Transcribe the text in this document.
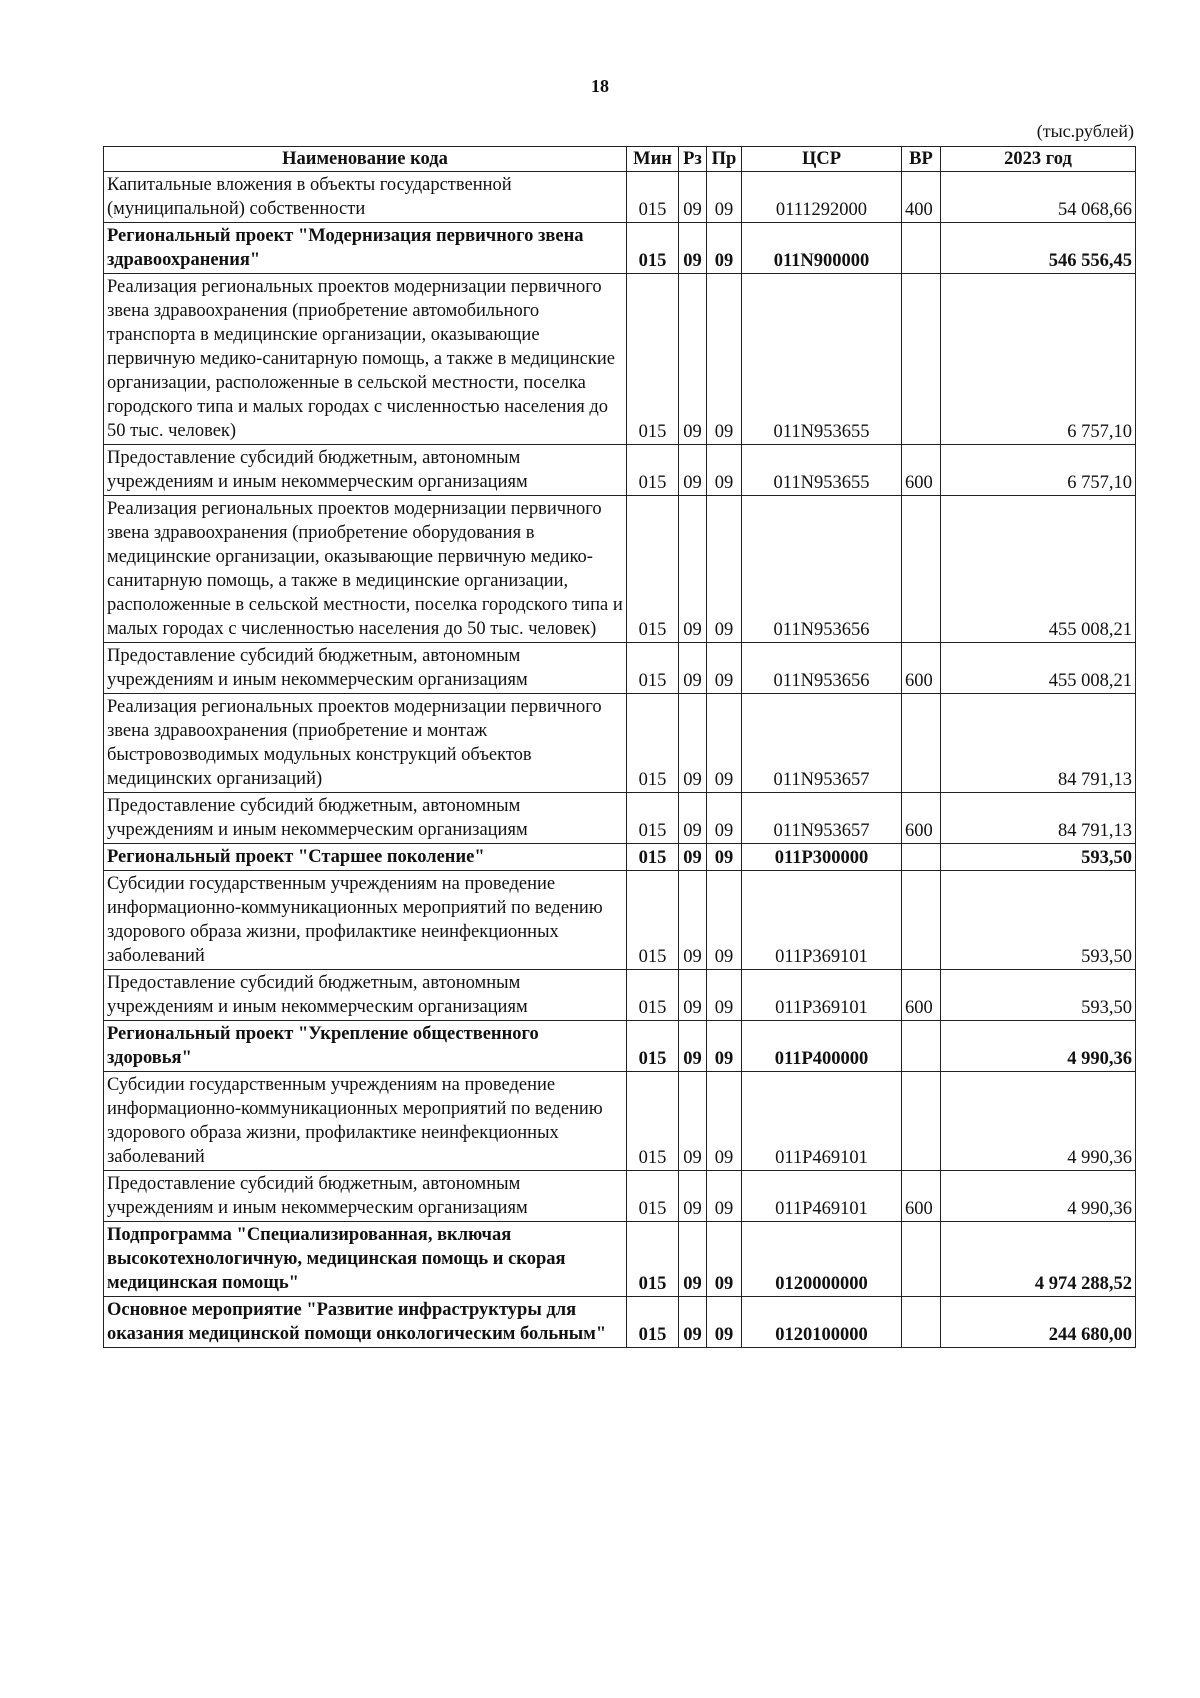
18
(тыс.рублей)
Наименование кода	Мин	Рз	Пр	ЦСР	ВР	2023 год
Капитальные вложения в объекты государственной (муниципальной) собственности	015	09	09	0111292000	400	54 068,66
Региональный проект "Модернизация первичного звена здравоохранения"	015	09	09	011N900000		546 556,45
Реализация региональных проектов модернизации первичного звена здравоохранения (приобретение автомобильного транспорта в медицинские организации, оказывающие первичную медико-санитарную помощь, а также в медицинские организации, расположенные в сельской местности, поселка городского типа и малых городах с численностью населения до 50 тыс. человек)	015	09	09	011N953655		6 757,10
Предоставление субсидий бюджетным, автономным учреждениям и иным некоммерческим организациям	015	09	09	011N953655	600	6 757,10
Реализация региональных проектов модернизации первичного звена здравоохранения (приобретение оборудования в медицинские организации, оказывающие первичную медико-санитарную помощь, а также в медицинские организации, расположенные в сельской местности, поселка городского типа и малых городах с численностью населения до 50 тыс. человек)	015	09	09	011N953656		455 008,21
Предоставление субсидий бюджетным, автономным учреждениям и иным некоммерческим организациям	015	09	09	011N953656	600	455 008,21
Реализация региональных проектов модернизации первичного звена здравоохранения (приобретение и монтаж быстровозводимых модульных конструкций объектов медицинских организаций)	015	09	09	011N953657		84 791,13
Предоставление субсидий бюджетным, автономным учреждениям и иным некоммерческим организациям	015	09	09	011N953657	600	84 791,13
Региональный проект "Старшее поколение"	015	09	09	011P300000		593,50
Субсидии государственным учреждениям на проведение информационно-коммуникационных мероприятий по ведению здорового образа жизни, профилактике неинфекционных заболеваний	015	09	09	011P369101		593,50
Предоставление субсидий бюджетным, автономным учреждениям и иным некоммерческим организациям	015	09	09	011P369101	600	593,50
Региональный проект "Укрепление общественного здоровья"	015	09	09	011P400000		4 990,36
Субсидии государственным учреждениям на проведение информационно-коммуникационных мероприятий по ведению здорового образа жизни, профилактике неинфекционных заболеваний	015	09	09	011P469101		4 990,36
Предоставление субсидий бюджетным, автономным учреждениям и иным некоммерческим организациям	015	09	09	011P469101	600	4 990,36
Подпрограмма "Специализированная, включая высокотехнологичную, медицинская помощь и скорая медицинская помощь"	015	09	09	0120000000		4 974 288,52
Основное мероприятие "Развитие инфраструктуры для оказания медицинской помощи онкологическим больным"	015	09	09	0120100000		244 680,00
